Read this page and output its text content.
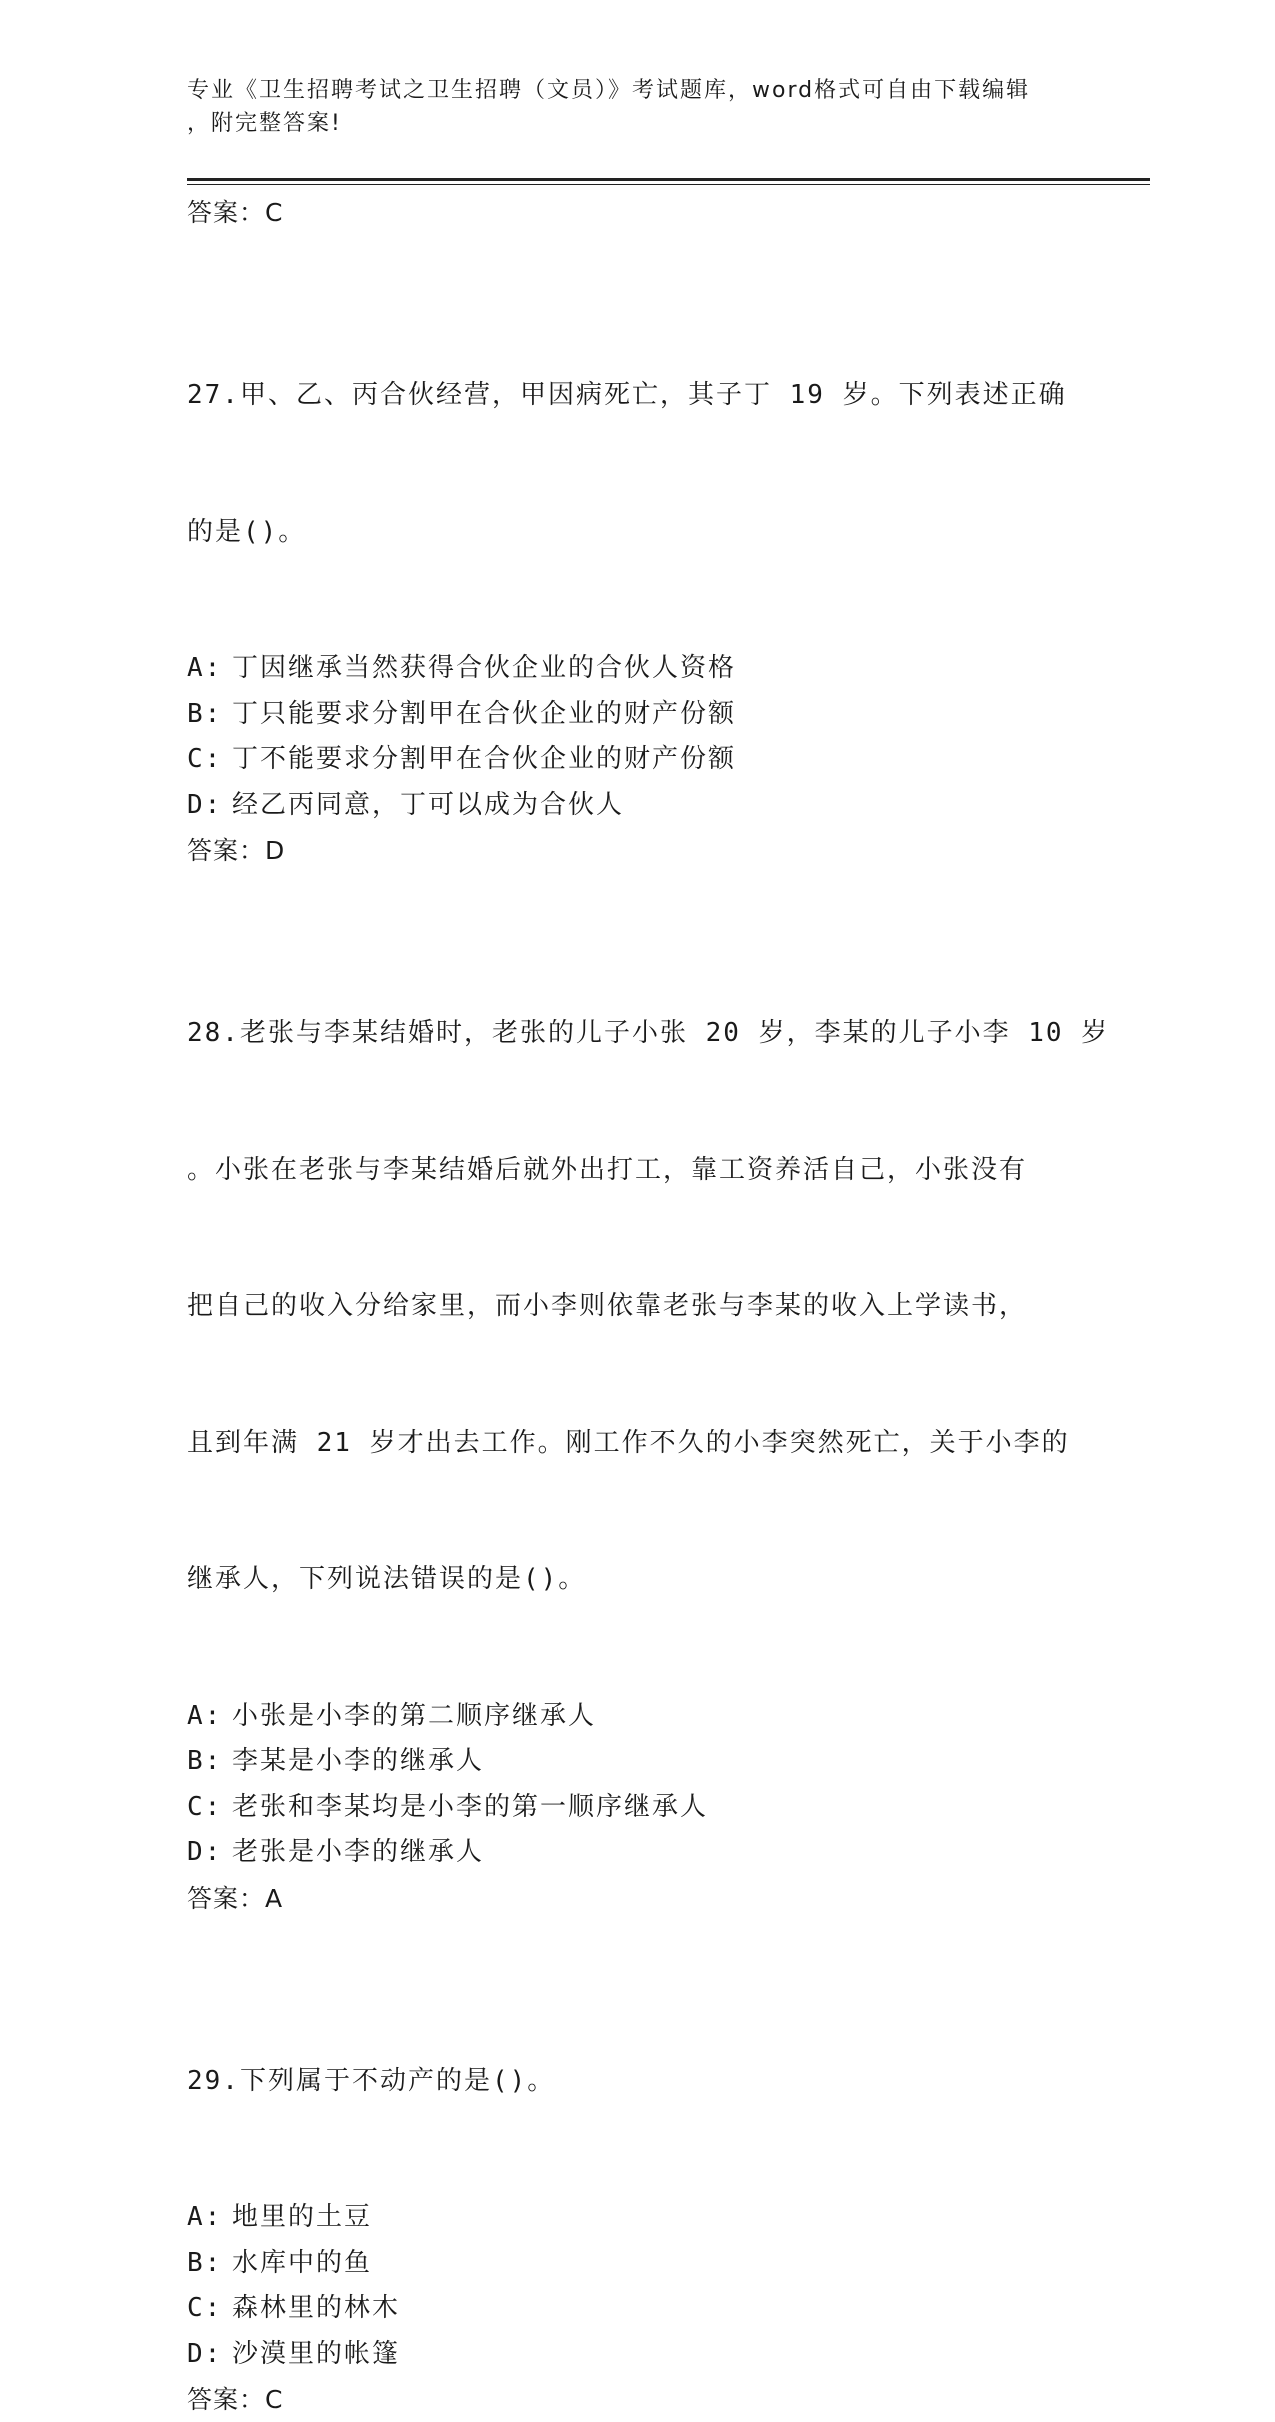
专业《卫生招聘考试之卫生招聘（文员）》考试题库，word格式可自由下载编辑
，附完整答案!
答案：C

27.甲、乙、丙合伙经营，甲因病死亡，其子丁 19 岁。下列表述正确

的是()。

A: 丁因继承当然获得合伙企业的合伙人资格
B: 丁只能要求分割甲在合伙企业的财产份额
C: 丁不能要求分割甲在合伙企业的财产份额
D: 经乙丙同意，丁可以成为合伙人
答案：D

28.老张与李某结婚时，老张的儿子小张 20 岁，李某的儿子小李 10 岁

。小张在老张与李某结婚后就外出打工，靠工资养活自己，小张没有

把自己的收入分给家里，而小李则依靠老张与李某的收入上学读书，

且到年满 21 岁才出去工作。刚工作不久的小李突然死亡，关于小李的

继承人，下列说法错误的是()。

A: 小张是小李的第二顺序继承人
B: 李某是小李的继承人
C: 老张和李某均是小李的第一顺序继承人
D: 老张是小李的继承人
答案：A

29.下列属于不动产的是()。

A: 地里的土豆
B: 水库中的鱼
C: 森林里的林木
D: 沙漠里的帐篷
答案：C
